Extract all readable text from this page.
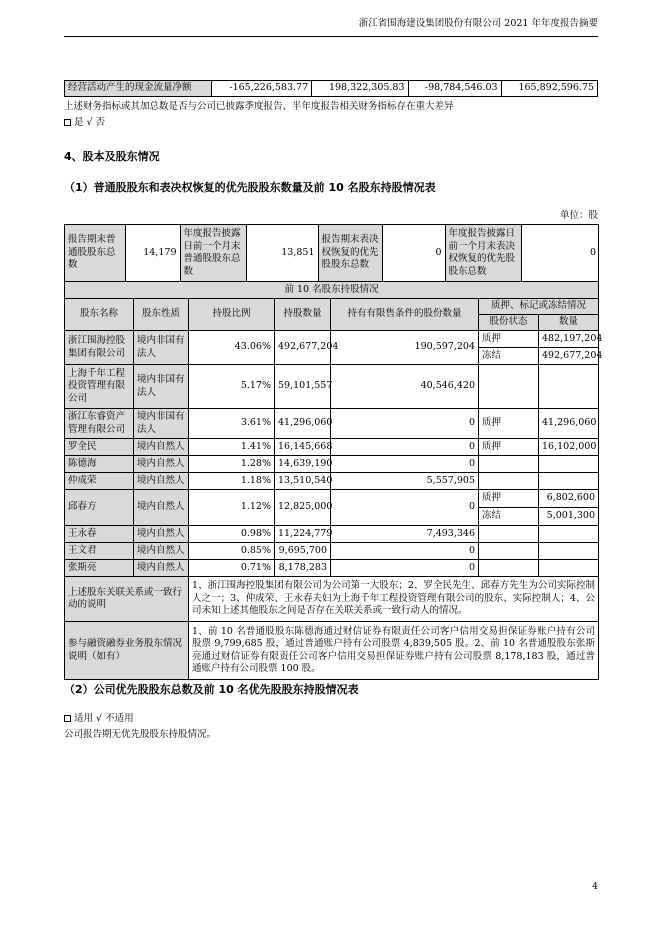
浙江省围海建设集团股份有限公司 2021 年年度报告摘要
经营活动产生的现金流量净额	-165,226,583.77	198,322,305.83	-98,784,546.03	165,892,596.75
上述财务指标或其加总数是否与公司已披露季度报告、半年度报告相关财务指标存在重大差异
是 √ 否
4、股本及股东情况
（1）普通股股东和表决权恢复的优先股股东数量及前 10 名股东持股情况表
单位：股
报告期末普通股股东总数	14,179	年度报告披露日前一个月末普通股股东总数	13,851	报告期末表决权恢复的优先股股东总数	0	年度报告披露日前一个月末表决权恢复的优先股股东总数	0

前 10 名股东持股情况
股东名称	股东性质	持股比例	持股数量	持有有限售条件的股份数量	质押、标记或冻结情况
股份状态	数量
浙江围海控股集团有限公司	境内非国有法人	43.06%	492,677,204	190,597,204	质押	482,197,204
冻结	492,677,204
上海千年工程投资管理有限公司	境内非国有法人	5.17%	59,101,557	40,546,420		
浙江东睿资产管理有限公司	境内非国有法人	3.61%	41,296,060	0	质押	41,296,060
罗全民	境内自然人	1.41%	16,145,668	0	质押	16,102,000
陈德海	境内自然人	1.28%	14,639,190	0		
仲成荣	境内自然人	1.18%	13,510,540	5,557,905		
邱春方	境内自然人	1.12%	12,825,000	0	质押	6,802,600
冻结	5,001,300
王永春	境内自然人	0.98%	11,224,779	7,493,346		
王文君	境内自然人	0.85%	9,695,700	0		
张斯亮	境内自然人	0.71%	8,178,283	0		
上述股东关联关系或一致行动的说明	1、浙江围海控股集团有限公司为公司第一大股东；2、罗全民先生、邱春方先生为公司实际控制人之一；3、仲成荣、王永春夫妇为上海千年工程投资管理有限公司的股东、实际控制人；4、公司未知上述其他股东之间是否存在关联关系或一致行动人的情况。
参与融资融券业务股东情况说明（如有）	1、前 10 名普通股股东陈德海通过财信证券有限责任公司客户信用交易担保证券账户持有公司股票 9,799,685 股，通过普通账户持有公司股票 4,839,505 股。2、前 10 名普通股股东张斯亮通过财信证券有限责任公司客户信用交易担保证券账户持有公司股票 8,178,183 股，通过普通账户持有公司股票 100 股。
（2）公司优先股股东总数及前 10 名优先股股东持股情况表
适用 √ 不适用
公司报告期无优先股股东持股情况。
4
